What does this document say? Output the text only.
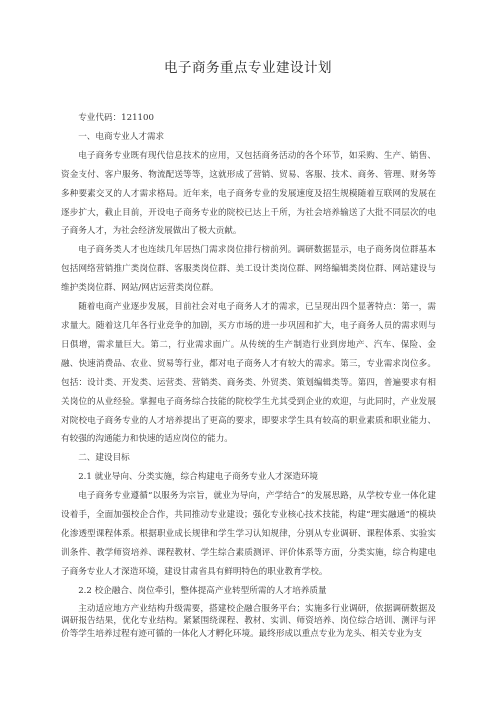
电子商务重点专业建设计划

专业代码：121100

一、电商专业人才需求

电子商务专业既有现代信息技术的应用，又包括商务活动的各个环节，如采购、生产、销售、资金支付、客户服务、物流配送等等，这就形成了营销、贸易、客服、技术、商务、管理、财务等多种要素交叉的人才需求格局。近年来，电子商务专业的发展速度及招生规模随着互联网的发展在逐步扩大，截止目前，开设电子商务专业的院校已达上千所，为社会培养输送了大批不同层次的电子商务人才，为社会经济发展做出了极大贡献。

电子商务类人才也连续几年居热门需求岗位排行榜前列。调研数据显示，电子商务岗位群基本包括网络营销推广类岗位群、客服类岗位群、美工设计类岗位群、网络编辑类岗位群、网站建设与维护类岗位群、网站/网店运营类岗位群。

随着电商产业逐步发展，目前社会对电子商务人才的需求，已呈现出四个显著特点：第一，需求量大。随着这几年各行业竞争的加剧，买方市场的进一步巩固和扩大，电子商务人员的需求则与日俱增，需求量巨大。第二，行业需求面广。从传统的生产制造行业到房地产、汽车、保险、金融、快速消费品、农业、贸易等行业，都对电子商务人才有较大的需求。第三，专业需求岗位多。包括：设计类、开发类、运营类、营销类、商务类、外贸类、策划编辑类等。第四，普遍要求有相关岗位的从业经验。掌握电子商务综合技能的院校学生尤其受到企业的欢迎，与此同时，产业发展对院校电子商务专业的人才培养提出了更高的要求，即要求学生具有较高的职业素质和职业能力、有较强的沟通能力和快速的适应岗位的能力。

二、建设目标

2.1 就业导向、分类实施，综合构建电子商务专业人才深造环境

电子商务专业遵循“以服务为宗旨，就业为导向，产学结合”的发展思路，从学校专业一体化建设着手，全面加强校企合作，共同推动专业建设；强化专业核心技术技能，构建“理实融通”的模块化渗透型课程体系。根据职业成长规律和学生学习认知规律，分别从专业调研、课程体系、实验实训条件、教学师资培养、课程教材、学生综合素质测评、评价体系等方面，分类实施，综合构建电子商务专业人才深造环境，建设甘肃省具有鲜明特色的职业教育学校。

2.2 校企融合、岗位牵引，整体提高产业转型所需的人才培养质量

主动适应地方产业结构升级需要，搭建校企融合服务平台；实施多行业调研，依据调研数据及调研报告结果，优化专业结构。紧紧围绕课程、教材、实训、师资培养、岗位综合培训、测评与评价等学生培养过程有迹可循的一体化人才孵化环境。最终形成以重点专业为龙头、相关专业为支
